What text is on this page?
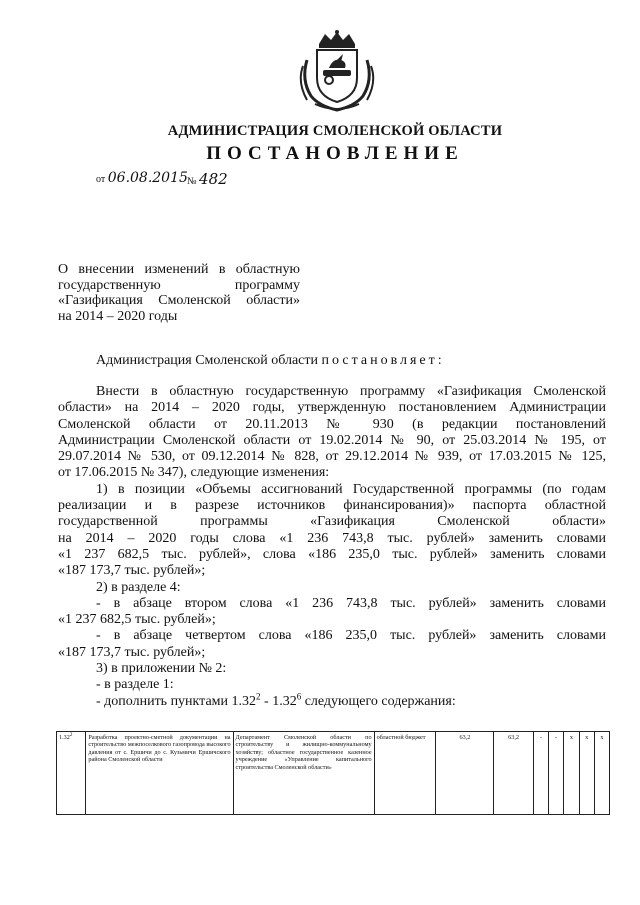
АДМИНИСТРАЦИЯ СМОЛЕНСКОЙ ОБЛАСТИ
ПОСТАНОВЛЕНИЕ
от 06.08.2015 № 482
О внесении изменений в областную
государственную	программу
«Газификация Смоленской области»
на 2014 – 2020 годы
Администрация Смоленской области постановляет:
Внести в областную государственную программу «Газификация Смоленской
области» на 2014 – 2020 годы, утвержденную постановлением Администрации
Смоленской области от 20.11.2013 № 930 (в редакции постановлений
Администрации Смоленской области от 19.02.2014 № 90, от 25.03.2014 № 195, от
29.07.2014 № 530, от 09.12.2014 № 828, от 29.12.2014 № 939, от 17.03.2015 № 125,
от 17.06.2015 № 347), следующие изменения:
1) в позиции «Объемы ассигнований Государственной программы (по годам
реализации и в разрезе источников финансирования)» паспорта областной
государственной программы «Газификация Смоленской области»
на 2014 – 2020 годы слова «1 236 743,8 тыс. рублей» заменить словами
«1 237 682,5 тыс. рублей», слова «186 235,0 тыс. рублей» заменить словами
«187 173,7 тыс. рублей»;
2) в разделе 4:
- в абзаце втором слова «1 236 743,8 тыс. рублей» заменить словами
«1 237 682,5 тыс. рублей»;
- в абзаце четвертом слова «186 235,0 тыс. рублей» заменить словами
«187 173,7 тыс. рублей»;
3) в приложении № 2:
- в разделе 1:
- дополнить пунктами 1.32$^2$ - 1.32$^6$ следующего содержания:
1.32$^2$	Разработка проектно-сметной документации на строительство межпоселкового газопровода высокого давления от с. Ершичи до с. Кузьмичи Ершичского района Смоленской области	Департамент Смоленской области по строительству и жилищно-коммунальному хозяйству; областное государственное казенное учреждение «Управление капитального строительства Смоленской области»	областной бюджет	63,2	63,2	-	-	х	х	х
